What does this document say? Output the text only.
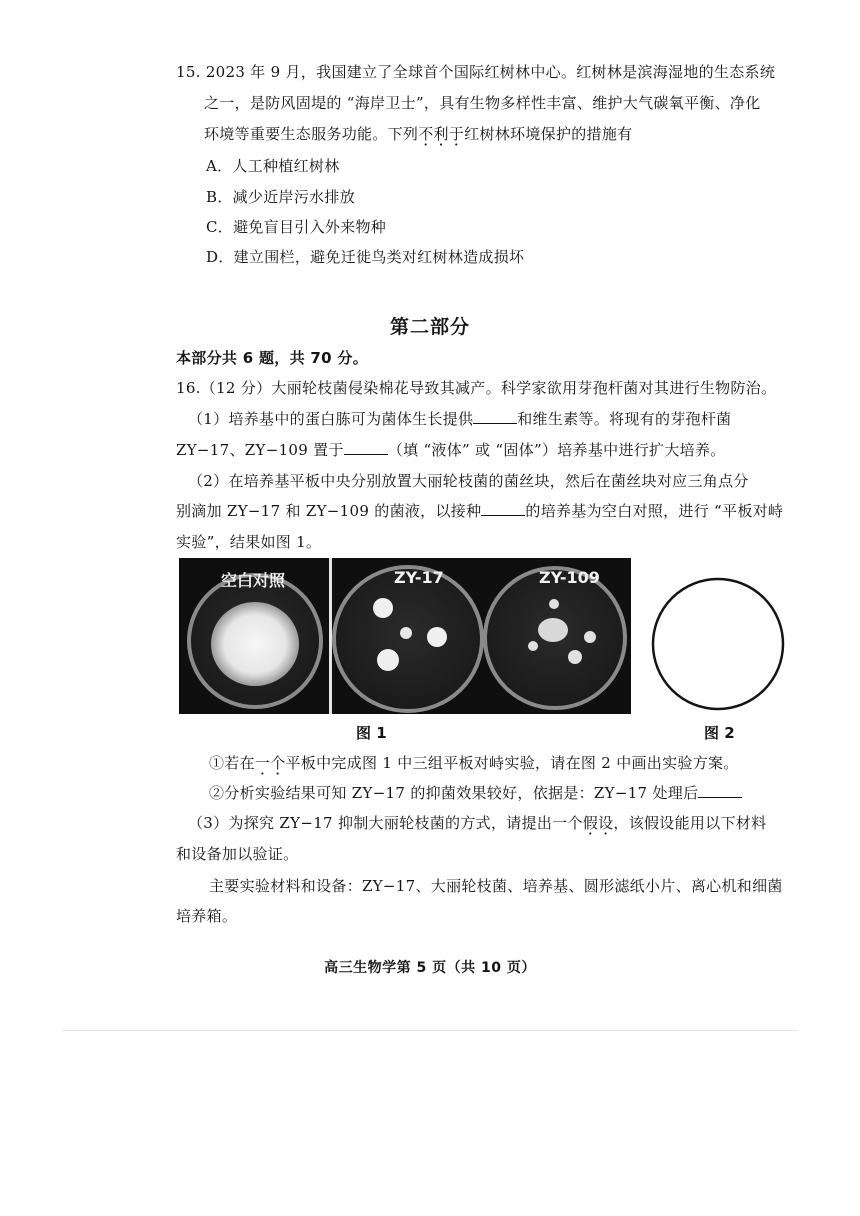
15. 2023 年 9 月，我国建立了全球首个国际红树林中心。红树林是滨海湿地的生态系统
之一，是防风固堤的 “海岸卫士”，具有生物多样性丰富、维护大气碳氧平衡、净化
环境等重要生态服务功能。下列不利于红树林环境保护的措施有
A．人工种植红树林
B．减少近岸污水排放
C．避免盲目引入外来物种
D．建立围栏，避免迁徙鸟类对红树林造成损坏
第二部分
本部分共 6 题，共 70 分。
16.（12 分）大丽轮枝菌侵染棉花导致其减产。科学家欲用芽孢杆菌对其进行生物防治。
（1）培养基中的蛋白胨可为菌体生长提供	和维生素等。将现有的芽孢杆菌
ZY−17、ZY−109 置于	（填 “液体” 或 “固体”）培养基中进行扩大培养。
（2）在培养基平板中央分别放置大丽轮枝菌的菌丝块，然后在菌丝块对应三角点分
别滴加 ZY−17 和 ZY−109 的菌液，以接种	的培养基为空白对照，进行 “平板对峙
实验”，结果如图 1。
空白对照	ZY-17	ZY-109
图 1	图 2
①若在一个平板中完成图 1 中三组平板对峙实验，请在图 2 中画出实验方案。
②分析实验结果可知 ZY−17 的抑菌效果较好，依据是：ZY−17 处理后
（3）为探究 ZY−17 抑制大丽轮枝菌的方式，请提出一个假设，该假设能用以下材料
和设备加以验证。
主要实验材料和设备：ZY−17、大丽轮枝菌、培养基、圆形滤纸小片、离心机和细菌
培养箱。
高三生物学第 5 页（共 10 页）
